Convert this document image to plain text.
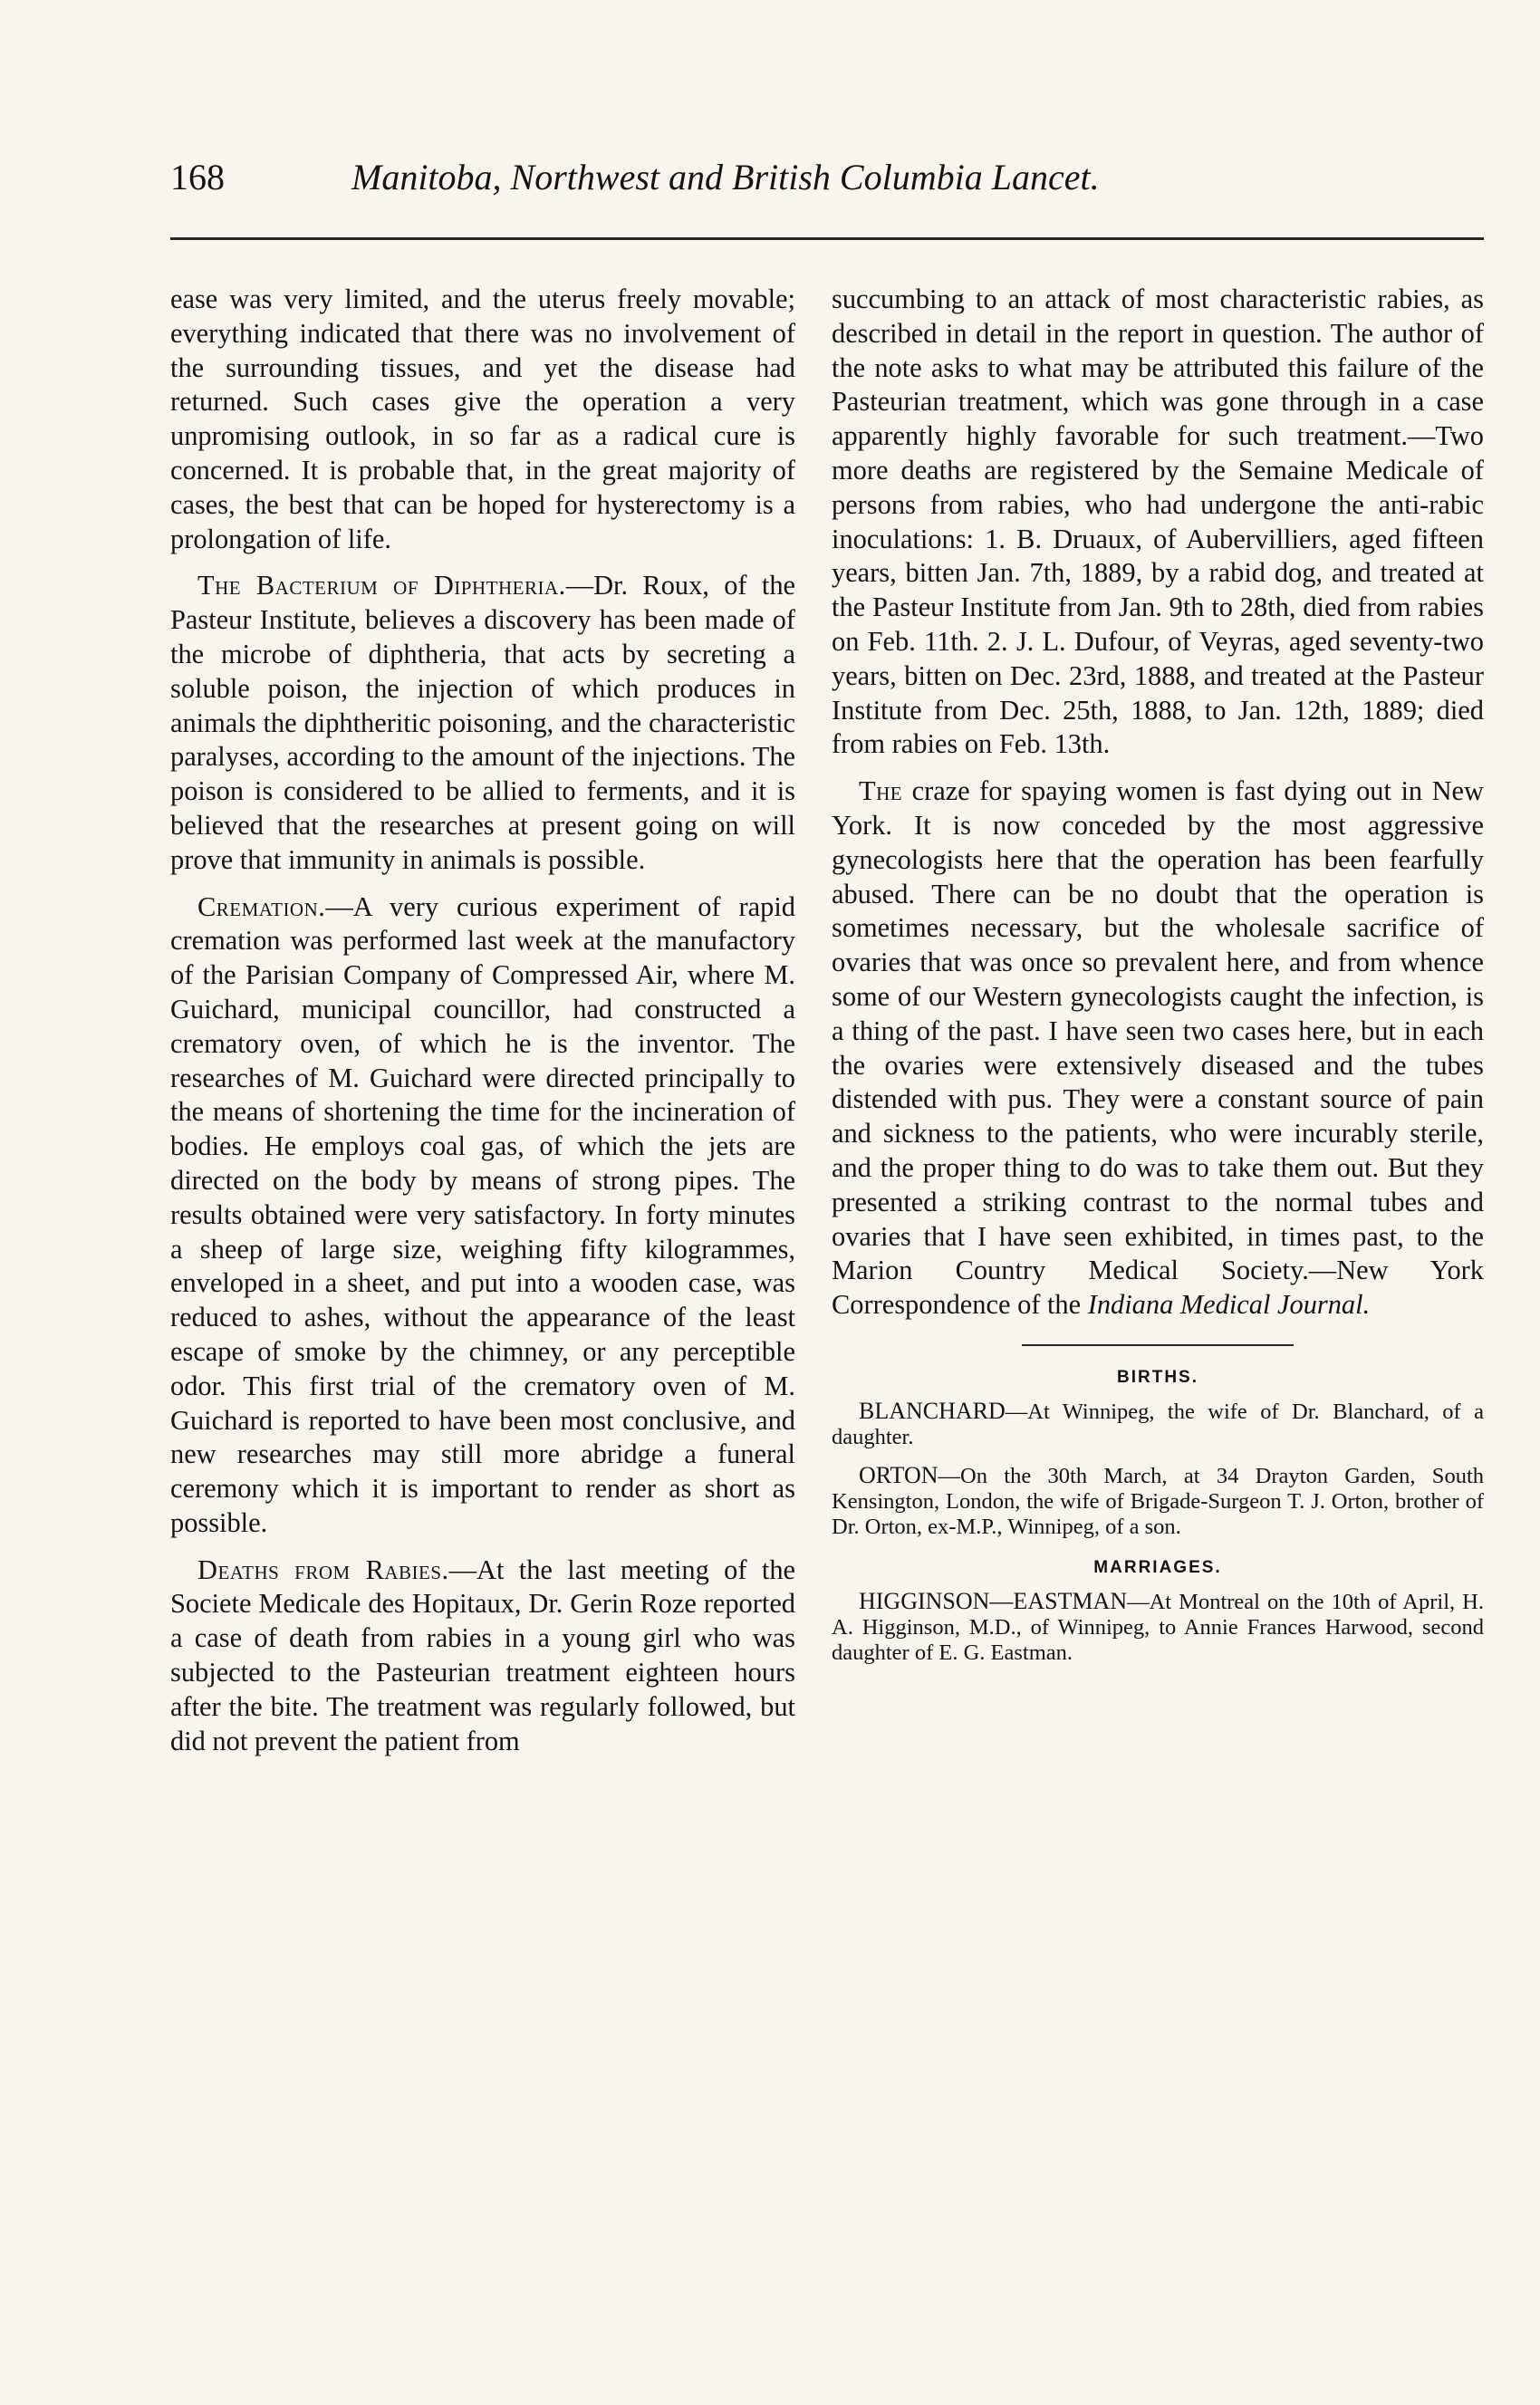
168	Manitoba, Northwest and British Columbia Lancet.

ease was very limited, and the uterus freely movable; everything indicated that there was no involvement of the surrounding tissues, and yet the disease had returned. Such cases give the operation a very unpromising outlook, in so far as a radical cure is concerned. It is probable that, in the great majority of cases, the best that can be hoped for hysterectomy is a prolongation of life.

The Bacterium of Diphtheria.—Dr. Roux, of the Pasteur Institute, believes a discovery has been made of the microbe of diphtheria, that acts by secreting a soluble poison, the injection of which produces in animals the diphtheritic poisoning, and the characteristic paralyses, according to the amount of the injections. The poison is considered to be allied to ferments, and it is believed that the researches at present going on will prove that immunity in animals is possible.

Cremation.—A very curious experiment of rapid cremation was performed last week at the manufactory of the Parisian Company of Compressed Air, where M. Guichard, municipal councillor, had constructed a crematory oven, of which he is the inventor. The researches of M. Guichard were directed principally to the means of shortening the time for the incineration of bodies. He employs coal gas, of which the jets are directed on the body by means of strong pipes. The results obtained were very satisfactory. In forty minutes a sheep of large size, weighing fifty kilogrammes, enveloped in a sheet, and put into a wooden case, was reduced to ashes, without the appearance of the least escape of smoke by the chimney, or any perceptible odor. This first trial of the crematory oven of M. Guichard is reported to have been most conclusive, and new researches may still more abridge a funeral ceremony which it is important to render as short as possible.

Deaths from Rabies.—At the last meeting of the Societe Medicale des Hopitaux, Dr. Gerin Roze reported a case of death from rabies in a young girl who was subjected to the Pasteurian treatment eighteen hours after the bite. The treatment was regularly followed, but did not prevent the patient from

succumbing to an attack of most characteristic rabies, as described in detail in the report in question. The author of the note asks to what may be attributed this failure of the Pasteurian treatment, which was gone through in a case apparently highly favorable for such treatment.—Two more deaths are registered by the Semaine Medicale of persons from rabies, who had undergone the anti-rabic inoculations: 1. B. Druaux, of Aubervilliers, aged fifteen years, bitten Jan. 7th, 1889, by a rabid dog, and treated at the Pasteur Institute from Jan. 9th to 28th, died from rabies on Feb. 11th. 2. J. L. Dufour, of Veyras, aged seventy-two years, bitten on Dec. 23rd, 1888, and treated at the Pasteur Institute from Dec. 25th, 1888, to Jan. 12th, 1889; died from rabies on Feb. 13th.

The craze for spaying women is fast dying out in New York. It is now conceded by the most aggressive gynecologists here that the operation has been fearfully abused. There can be no doubt that the operation is sometimes necessary, but the wholesale sacrifice of ovaries that was once so prevalent here, and from whence some of our Western gynecologists caught the infection, is a thing of the past. I have seen two cases here, but in each the ovaries were extensively diseased and the tubes distended with pus. They were a constant source of pain and sickness to the patients, who were incurably sterile, and the proper thing to do was to take them out. But they presented a striking contrast to the normal tubes and ovaries that I have seen exhibited, in times past, to the Marion Country Medical Society.—New York Correspondence of the Indiana Medical Journal.

BIRTHS.

BLANCHARD—At Winnipeg, the wife of Dr. Blanchard, of a daughter.

ORTON—On the 30th March, at 34 Drayton Garden, South Kensington, London, the wife of Brigade-Surgeon T. J. Orton, brother of Dr. Orton, ex-M.P., Winnipeg, of a son.

MARRIAGES.

HIGGINSON—EASTMAN—At Montreal on the 10th of April, H. A. Higginson, M.D., of Winnipeg, to Annie Frances Harwood, second daughter of E. G. Eastman.
